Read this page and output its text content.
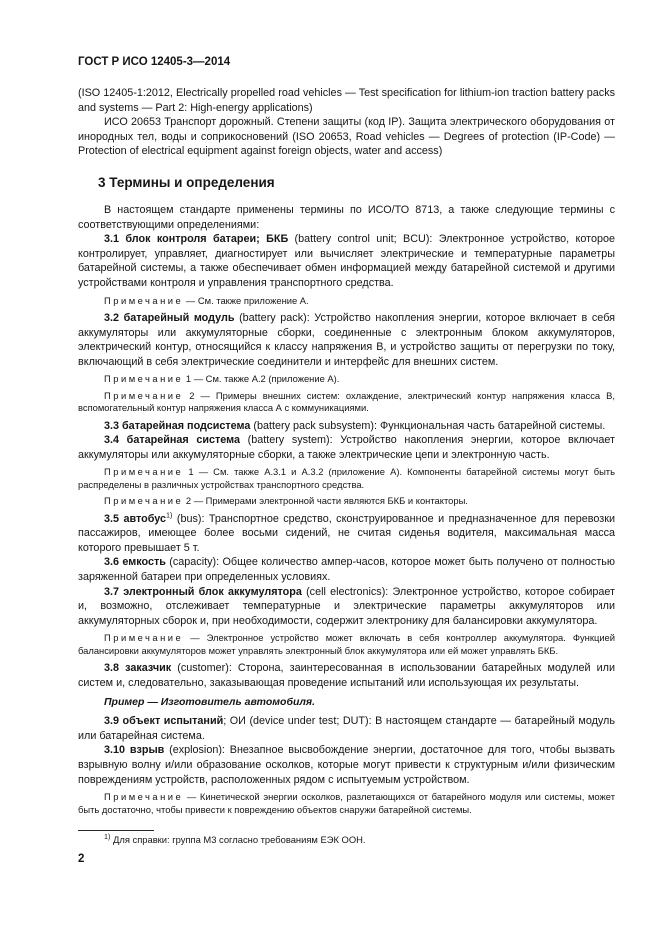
ГОСТ Р ИСО 12405-3—2014

(ISO 12405-1:2012, Electrically propelled road vehicles — Test specification for lithium-ion traction battery packs and systems — Part 2: High-energy applications)

ИСО 20653 Транспорт дорожный. Степени защиты (код IP). Защита электрического оборудования от инородных тел, воды и соприкосновений (ISO 20653, Road vehicles — Degrees of protection (IP-Code) — Protection of electrical equipment against foreign objects, water and access)

3 Термины и определения

В настоящем стандарте применены термины по ИСО/ТО 8713, а также следующие термины с соответствующими определениями:

3.1 блок контроля батареи; БКБ (battery control unit; BCU): Электронное устройство, которое контролирует, управляет, диагностирует или вычисляет электрические и температурные параметры батарейной системы, а также обеспечивает обмен информацией между батарейной системой и другими устройствами контроля и управления транспортного средства.

Примечание — См. также приложение А.

3.2 батарейный модуль (battery pack): Устройство накопления энергии, которое включает в себя аккумуляторы или аккумуляторные сборки, соединенные с электронным блоком аккумуляторов, электрический контур, относящийся к классу напряжения В, и устройство защиты от перегрузки по току, включающий в себя электрические соединители и интерфейс для внешних систем.

Примечание 1 — См. также А.2 (приложение А).

Примечание 2 — Примеры внешних систем: охлаждение, электрический контур напряжения класса В, вспомогательный контур напряжения класса А с коммуникациями.

3.3 батарейная подсистема (battery pack subsystem): Функциональная часть батарейной системы.

3.4 батарейная система (battery system): Устройство накопления энергии, которое включает аккумуляторы или аккумуляторные сборки, а также электрические цепи и электронную часть.

Примечание 1 — См. также А.3.1 и А.3.2 (приложение А). Компоненты батарейной системы могут быть распределены в различных устройствах транспортного средства.

Примечание 2 — Примерами электронной части являются БКБ и контакторы.

3.5 автобус$^{1)}$ (bus): Транспортное средство, сконструированное и предназначенное для перевозки пассажиров, имеющее более восьми сидений, не считая сиденья водителя, максимальная масса которого превышает 5 т.

3.6 емкость (capacity): Общее количество ампер-часов, которое может быть получено от полностью заряженной батареи при определенных условиях.

3.7 электронный блок аккумулятора (cell electronics): Электронное устройство, которое собирает и, возможно, отслеживает температурные и электрические параметры аккумуляторов или аккумуляторных сборок и, при необходимости, содержит электронику для балансировки аккумулятора.

Примечание — Электронное устройство может включать в себя контроллер аккумулятора. Функцией балансировки аккумуляторов может управлять электронный блок аккумулятора или ей может управлять БКБ.

3.8 заказчик (customer): Сторона, заинтересованная в использовании батарейных модулей или систем и, следовательно, заказывающая проведение испытаний или использующая их результаты.

Пример — Изготовитель автомобиля.

3.9 объект испытаний; ОИ (device under test; DUT): В настоящем стандарте — батарейный модуль или батарейная система.

3.10 взрыв (explosion): Внезапное высвобождение энергии, достаточное для того, чтобы вызвать взрывную волну и/или образование осколков, которые могут привести к структурным и/или физическим повреждениям устройств, расположенных рядом с испытуемым устройством.

Примечание — Кинетической энергии осколков, разлетающихся от батарейного модуля или системы, может быть достаточно, чтобы привести к повреждению объектов снаружи батарейной системы.

$^{1)}$ Для справки: группа М3 согласно требованиям ЕЭК ООН.

2
